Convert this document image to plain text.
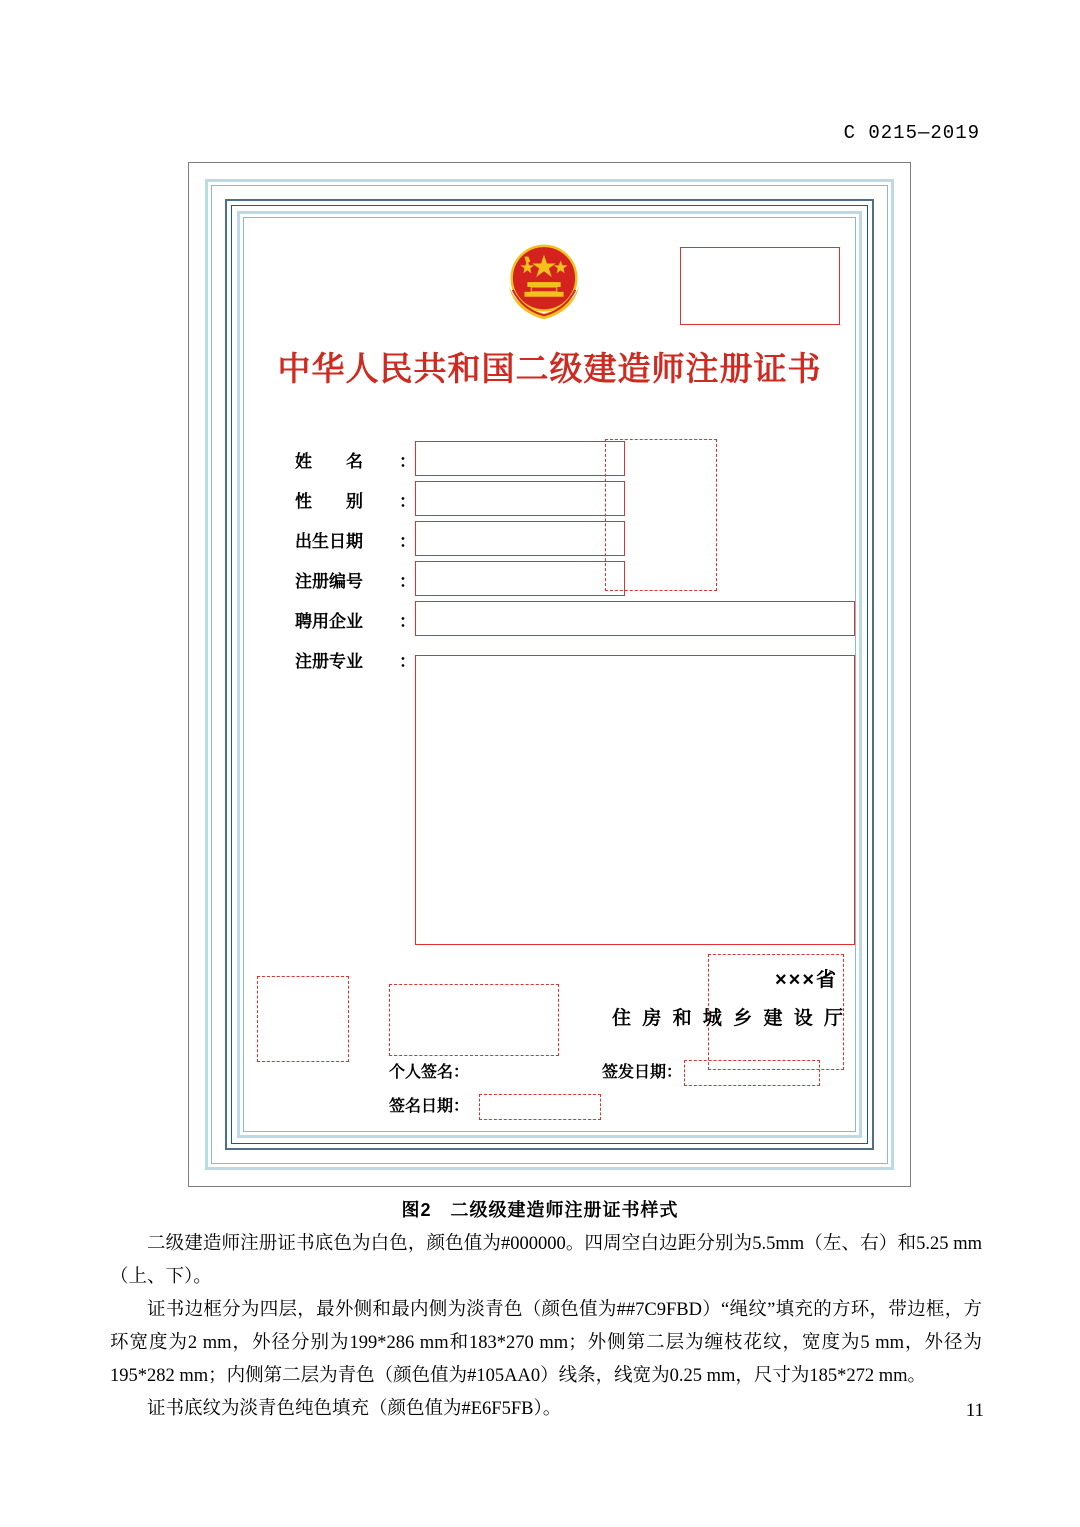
C 0215—2019
中华人民共和国二级建造师注册证书
姓　　名	：
性　　别	：
出生日期	：
注册编号	：
聘用企业	：
注册专业	：
个人签名：
签名日期：
×××省
住 房 和 城 乡 建 设 厅
签发日期：
图2　二级级建造师注册证书样式

二级建造师注册证书底色为白色，颜色值为#000000。四周空白边距分别为5.5mm（左、右）和5.25 mm（上、下）。

证书边框分为四层，最外侧和最内侧为淡青色（颜色值为##7C9FBD）“绳纹”填充的方环，带边框，方环宽度为2 mm，外径分别为199*286 mm和183*270 mm；外侧第二层为缠枝花纹，宽度为5 mm，外径为195*282 mm；内侧第二层为青色（颜色值为#105AA0）线条，线宽为0.25 mm，尺寸为185*272 mm。

证书底纹为淡青色纯色填充（颜色值为#E6F5FB）。	11
